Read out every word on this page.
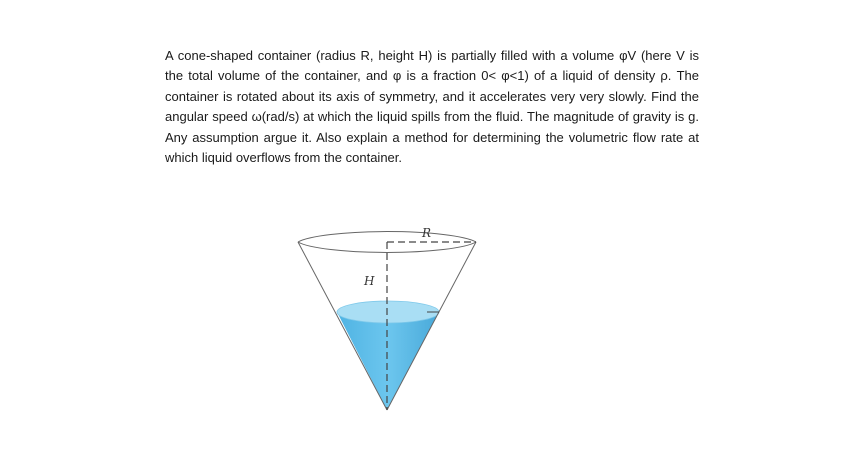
A cone-shaped container (radius R, height H) is partially filled with a volume φV (here V is the total volume of the container, and φ is a fraction 0< φ<1) of a liquid of density ρ. The container is rotated about its axis of symmetry, and it accelerates very very slowly. Find the angular speed ω(rad/s) at which the liquid spills from the fluid. The magnitude of gravity is g. Any assumption argue it. Also explain a method for determining the volumetric flow rate at which liquid overflows from the container.

R
H
